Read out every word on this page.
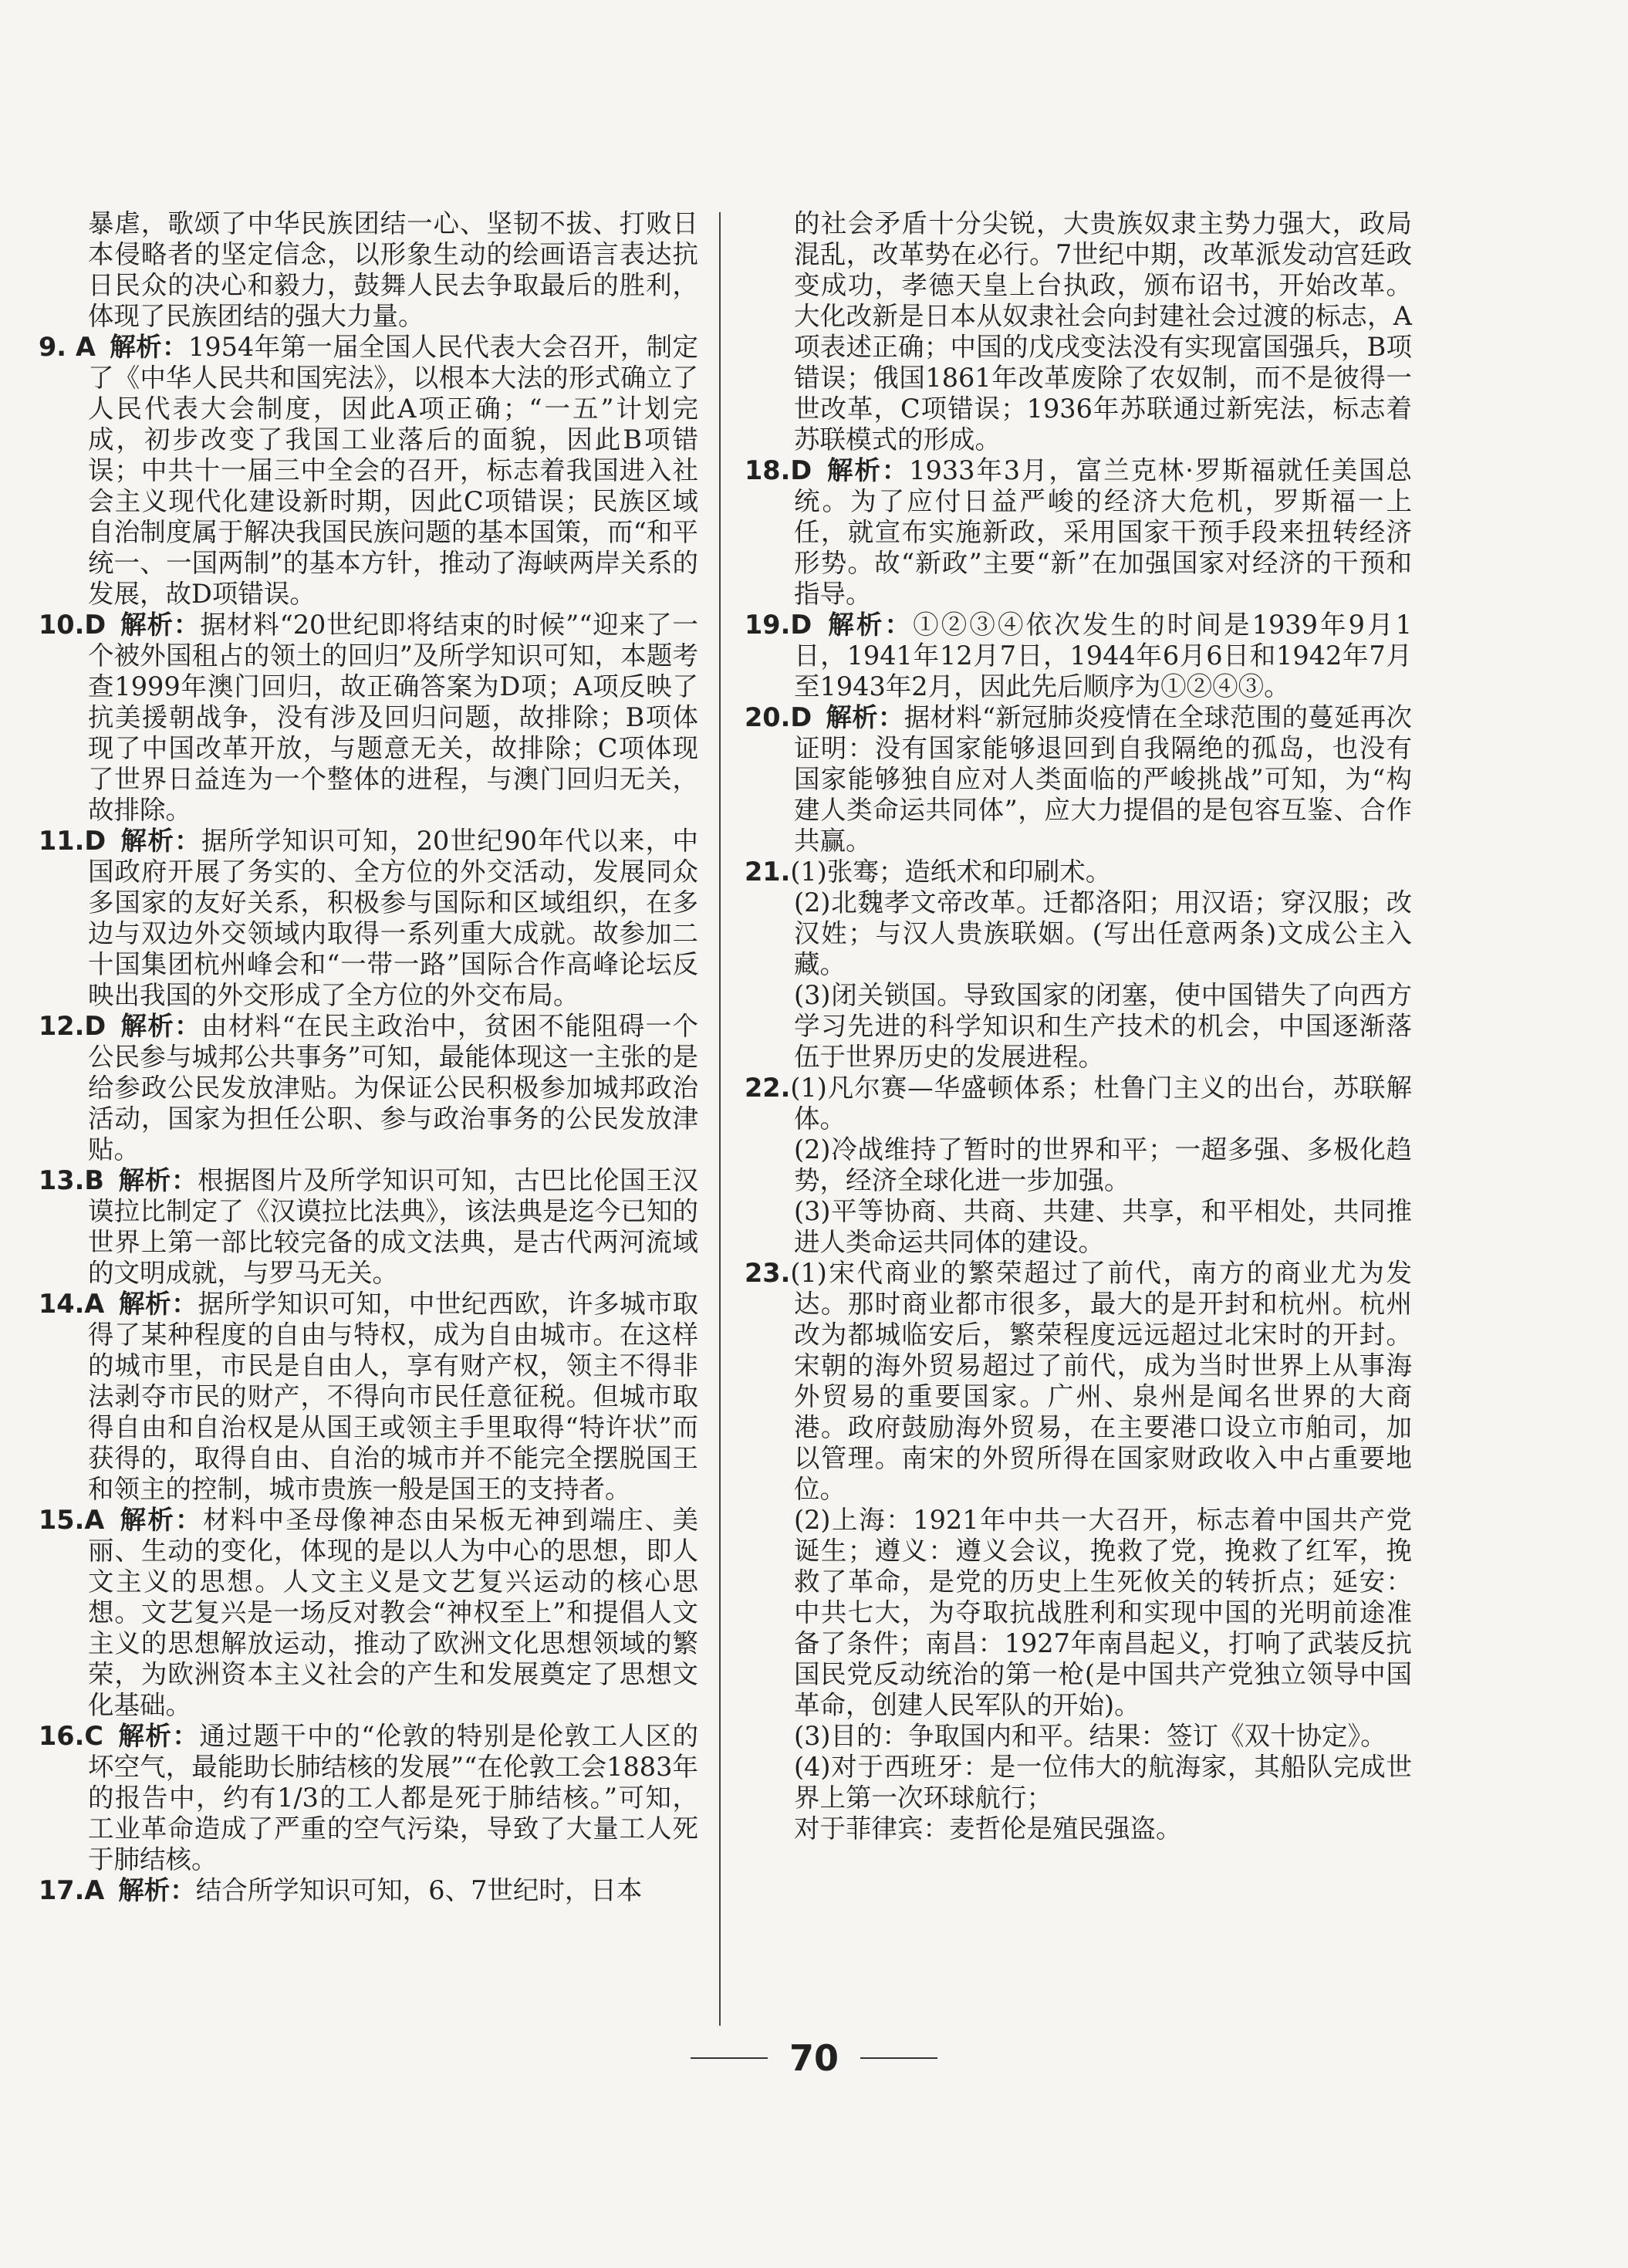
暴虐，歌颂了中华民族团结一心、坚韧不拔、打败日本侵略者的坚定信念，以形象生动的绘画语言表达抗日民众的决心和毅力，鼓舞人民去争取最后的胜利，体现了民族团结的强大力量。

9. A 解析：1954年第一届全国人民代表大会召开，制定了《中华人民共和国宪法》，以根本大法的形式确立了人民代表大会制度，因此A项正确；“一五”计划完成，初步改变了我国工业落后的面貌，因此B项错误；中共十一届三中全会的召开，标志着我国进入社会主义现代化建设新时期，因此C项错误；民族区域自治制度属于解决我国民族问题的基本国策，而“和平统一、一国两制”的基本方针，推动了海峡两岸关系的发展，故D项错误。

10.D 解析：据材料“20世纪即将结束的时候”“迎来了一个被外国租占的领土的回归”及所学知识可知，本题考查1999年澳门回归，故正确答案为D项；A项反映了抗美援朝战争，没有涉及回归问题，故排除；B项体现了中国改革开放，与题意无关，故排除；C项体现了世界日益连为一个整体的进程，与澳门回归无关，故排除。

11.D 解析：据所学知识可知，20世纪90年代以来，中国政府开展了务实的、全方位的外交活动，发展同众多国家的友好关系，积极参与国际和区域组织，在多边与双边外交领域内取得一系列重大成就。故参加二十国集团杭州峰会和“一带一路”国际合作高峰论坛反映出我国的外交形成了全方位的外交布局。

12.D 解析：由材料“在民主政治中，贫困不能阻碍一个公民参与城邦公共事务”可知，最能体现这一主张的是给参政公民发放津贴。为保证公民积极参加城邦政治活动，国家为担任公职、参与政治事务的公民发放津贴。

13.B 解析：根据图片及所学知识可知，古巴比伦国王汉谟拉比制定了《汉谟拉比法典》，该法典是迄今已知的世界上第一部比较完备的成文法典，是古代两河流域的文明成就，与罗马无关。

14.A 解析：据所学知识可知，中世纪西欧，许多城市取得了某种程度的自由与特权，成为自由城市。在这样的城市里，市民是自由人，享有财产权，领主不得非法剥夺市民的财产，不得向市民任意征税。但城市取得自由和自治权是从国王或领主手里取得“特许状”而获得的，取得自由、自治的城市并不能完全摆脱国王和领主的控制，城市贵族一般是国王的支持者。

15.A 解析：材料中圣母像神态由呆板无神到端庄、美丽、生动的变化，体现的是以人为中心的思想，即人文主义的思想。人文主义是文艺复兴运动的核心思想。文艺复兴是一场反对教会“神权至上”和提倡人文主义的思想解放运动，推动了欧洲文化思想领域的繁荣，为欧洲资本主义社会的产生和发展奠定了思想文化基础。

16.C 解析：通过题干中的“伦敦的特别是伦敦工人区的坏空气，最能助长肺结核的发展”“在伦敦工会1883年的报告中，约有1/3的工人都是死于肺结核。”可知，工业革命造成了严重的空气污染，导致了大量工人死于肺结核。

17.A 解析：结合所学知识可知，6、7世纪时，日本

的社会矛盾十分尖锐，大贵族奴隶主势力强大，政局混乱，改革势在必行。7世纪中期，改革派发动宫廷政变成功，孝德天皇上台执政，颁布诏书，开始改革。大化改新是日本从奴隶社会向封建社会过渡的标志，A项表述正确；中国的戊戌变法没有实现富国强兵，B项错误；俄国1861年改革废除了农奴制，而不是彼得一世改革，C项错误；1936年苏联通过新宪法，标志着苏联模式的形成。

18.D 解析：1933年3月，富兰克林·罗斯福就任美国总统。为了应付日益严峻的经济大危机，罗斯福一上任，就宣布实施新政，采用国家干预手段来扭转经济形势。故“新政”主要“新”在加强国家对经济的干预和指导。

19.D 解析：①②③④依次发生的时间是1939年9月1日，1941年12月7日，1944年6月6日和1942年7月至1943年2月，因此先后顺序为①②④③。

20.D 解析：据材料“新冠肺炎疫情在全球范围的蔓延再次证明：没有国家能够退回到自我隔绝的孤岛，也没有国家能够独自应对人类面临的严峻挑战”可知，为“构建人类命运共同体”，应大力提倡的是包容互鉴、合作共赢。

21.(1)张骞；造纸术和印刷术。

(2)北魏孝文帝改革。迁都洛阳；用汉语；穿汉服；改汉姓；与汉人贵族联姻。(写出任意两条)文成公主入藏。

(3)闭关锁国。导致国家的闭塞，使中国错失了向西方学习先进的科学知识和生产技术的机会，中国逐渐落伍于世界历史的发展进程。

22.(1)凡尔赛—华盛顿体系；杜鲁门主义的出台，苏联解体。

(2)冷战维持了暂时的世界和平；一超多强、多极化趋势，经济全球化进一步加强。

(3)平等协商、共商、共建、共享，和平相处，共同推进人类命运共同体的建设。

23.(1)宋代商业的繁荣超过了前代，南方的商业尤为发达。那时商业都市很多，最大的是开封和杭州。杭州改为都城临安后，繁荣程度远远超过北宋时的开封。宋朝的海外贸易超过了前代，成为当时世界上从事海外贸易的重要国家。广州、泉州是闻名世界的大商港。政府鼓励海外贸易，在主要港口设立市舶司，加以管理。南宋的外贸所得在国家财政收入中占重要地位。

(2)上海：1921年中共一大召开，标志着中国共产党诞生；遵义：遵义会议，挽救了党，挽救了红军，挽救了革命，是党的历史上生死攸关的转折点；延安：中共七大，为夺取抗战胜利和实现中国的光明前途准备了条件；南昌：1927年南昌起义，打响了武装反抗国民党反动统治的第一枪(是中国共产党独立领导中国革命，创建人民军队的开始)。

(3)目的：争取国内和平。结果：签订《双十协定》。

(4)对于西班牙：是一位伟大的航海家，其船队完成世界上第一次环球航行；

对于菲律宾：麦哲伦是殖民强盗。

70
